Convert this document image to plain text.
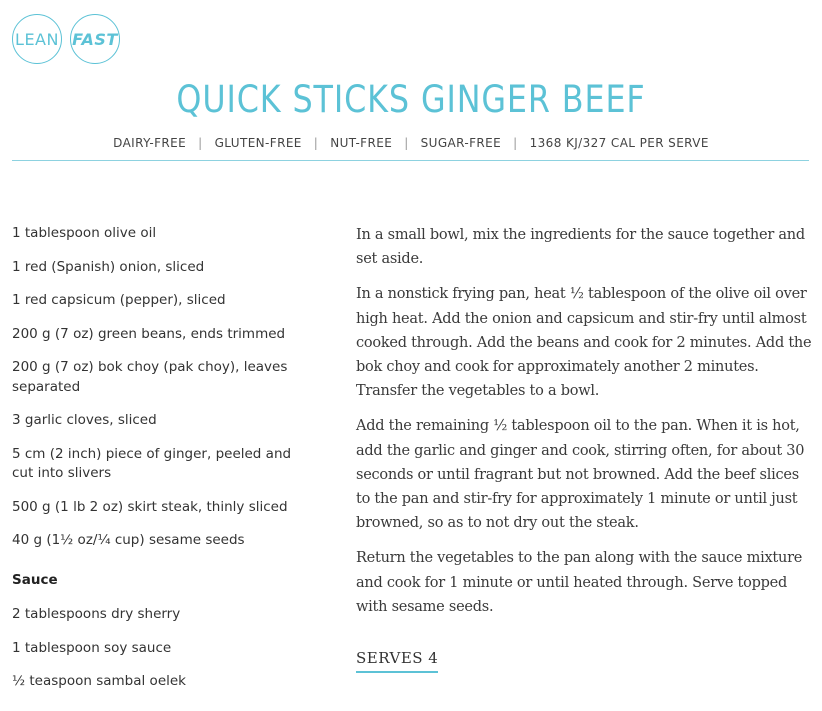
LEAN FAST
QUICK STICKS GINGER BEEF
DAIRY-FREE | GLUTEN-FREE | NUT-FREE | SUGAR-FREE | 1368 KJ/327 CAL PER SERVE
1 tablespoon olive oil
1 red (Spanish) onion, sliced
1 red capsicum (pepper), sliced
200 g (7 oz) green beans, ends trimmed
200 g (7 oz) bok choy (pak choy), leaves separated
3 garlic cloves, sliced
5 cm (2 inch) piece of ginger, peeled and cut into slivers
500 g (1 lb 2 oz) skirt steak, thinly sliced
40 g (1½ oz/¼ cup) sesame seeds
Sauce
2 tablespoons dry sherry
1 tablespoon soy sauce
½ teaspoon sambal oelek

In a small bowl, mix the ingredients for the sauce together and set aside.

In a nonstick frying pan, heat ½ tablespoon of the olive oil over high heat. Add the onion and capsicum and stir-fry until almost cooked through. Add the beans and cook for 2 minutes. Add the bok choy and cook for approximately another 2 minutes. Transfer the vegetables to a bowl.

Add the remaining ½ tablespoon oil to the pan. When it is hot, add the garlic and ginger and cook, stirring often, for about 30 seconds or until fragrant but not browned. Add the beef slices to the pan and stir-fry for approximately 1 minute or until just browned, so as to not dry out the steak.

Return the vegetables to the pan along with the sauce mixture and cook for 1 minute or until heated through. Serve topped with sesame seeds.

SERVES 4
